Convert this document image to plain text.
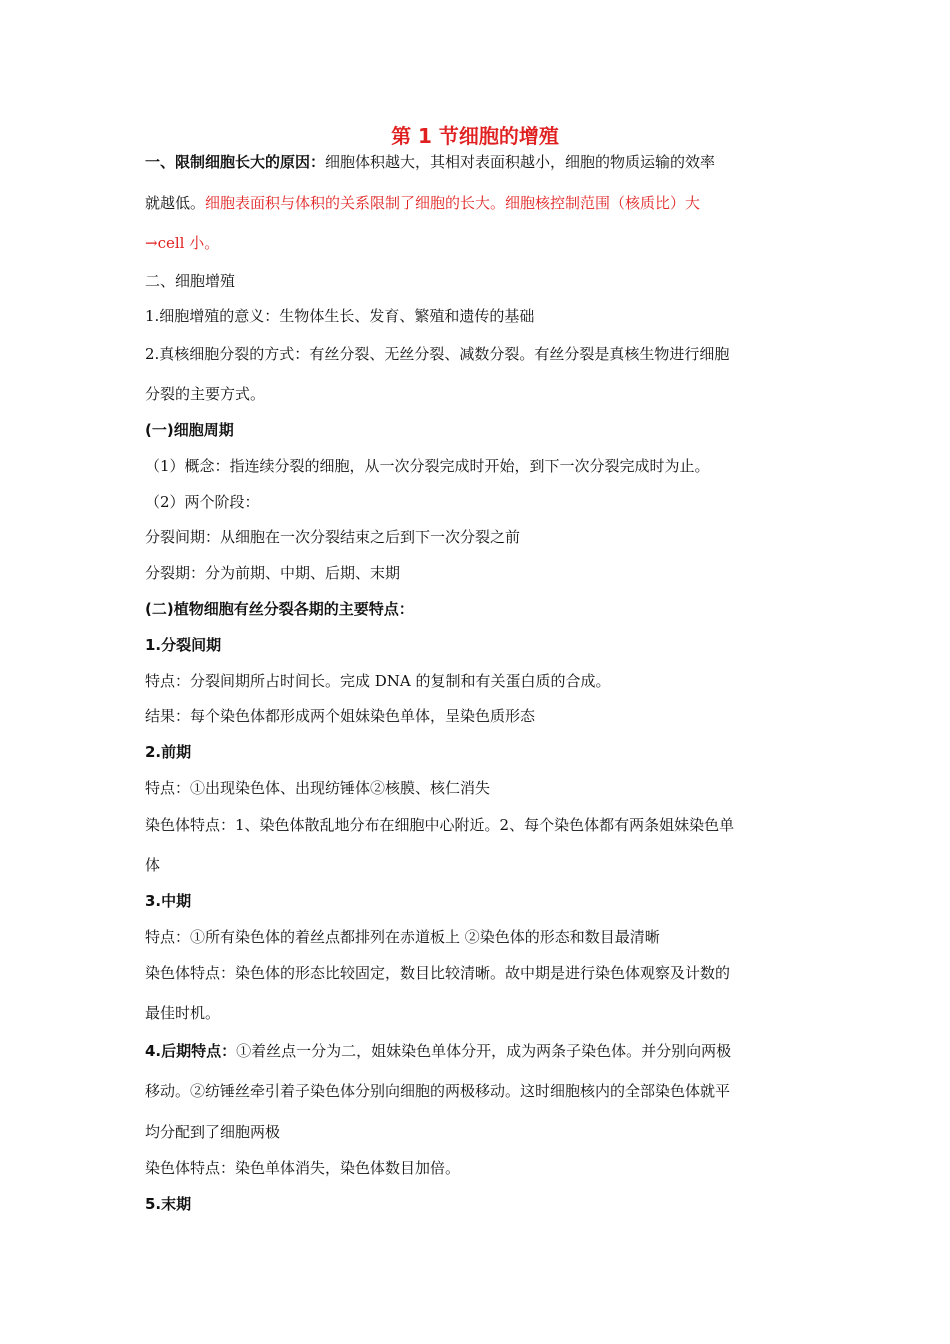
第 1 节细胞的增殖

一、限制细胞长大的原因：细胞体积越大，其相对表面积越小，细胞的物质运输的效率

就越低。细胞表面积与体积的关系限制了细胞的长大。细胞核控制范围（核质比）大

→cell 小。

二、细胞增殖

1.细胞增殖的意义：生物体生长、发育、繁殖和遗传的基础

2.真核细胞分裂的方式：有丝分裂、无丝分裂、减数分裂。有丝分裂是真核生物进行细胞

分裂的主要方式。

(一)细胞周期

（1）概念：指连续分裂的细胞，从一次分裂完成时开始，到下一次分裂完成时为止。

（2）两个阶段：

分裂间期：从细胞在一次分裂结束之后到下一次分裂之前

分裂期：分为前期、中期、后期、末期

(二)植物细胞有丝分裂各期的主要特点：

1.分裂间期

特点：分裂间期所占时间长。完成 DNA 的复制和有关蛋白质的合成。

结果：每个染色体都形成两个姐妹染色单体，呈染色质形态

2.前期

特点：①出现染色体、出现纺锤体②核膜、核仁消失

染色体特点：1、染色体散乱地分布在细胞中心附近。2、每个染色体都有两条姐妹染色单

体

3.中期

特点：①所有染色体的着丝点都排列在赤道板上 ②染色体的形态和数目最清晰

染色体特点：染色体的形态比较固定，数目比较清晰。故中期是进行染色体观察及计数的

最佳时机。

4.后期特点：①着丝点一分为二，姐妹染色单体分开，成为两条子染色体。并分别向两极

移动。②纺锤丝牵引着子染色体分别向细胞的两极移动。这时细胞核内的全部染色体就平

均分配到了细胞两极

染色体特点：染色单体消失，染色体数目加倍。

5.末期
